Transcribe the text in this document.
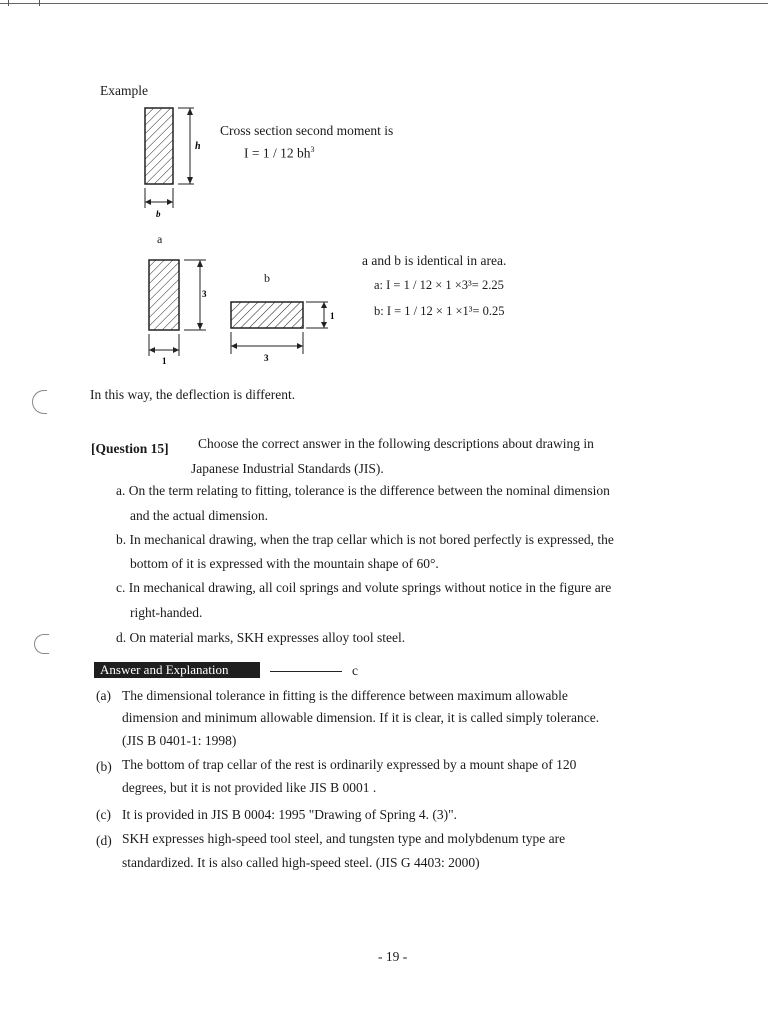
Example
h
b
Cross section second moment is
I = 1 / 12 $bh^3$
a
b
3
1
1
3
a and b is identical in area.
a: I = 1 / 12 × 1 ×3³= 2.25
b: I = 1 / 12 × 1 ×1³= 0.25
In this way, the deflection is different.
[Question 15] Choose the correct answer in the following descriptions about drawing in
Japanese Industrial Standards (JIS).
a. On the term relating to fitting, tolerance is the difference between the nominal dimension
and the actual dimension.
b. In mechanical drawing, when the trap cellar which is not bored perfectly is expressed, the
bottom of it is expressed with the mountain shape of 60°.
c. In mechanical drawing, all coil springs and volute springs without notice in the figure are
right-handed.
d. On material marks, SKH expresses alloy tool steel.
Answer and Explanation	c
(a) The dimensional tolerance in fitting is the difference between maximum allowable
dimension and minimum allowable dimension. If it is clear, it is called simply tolerance.
(JIS B 0401-1: 1998)
(b) The bottom of trap cellar of the rest is ordinarily expressed by a mount shape of 120
degrees, but it is not provided like JIS B 0001 .
(c) It is provided in JIS B 0004: 1995 "Drawing of Spring 4. (3)".
(d) SKH expresses high-speed tool steel, and tungsten type and molybdenum type are
standardized. It is also called high-speed steel. (JIS G 4403: 2000)
- 19 -
